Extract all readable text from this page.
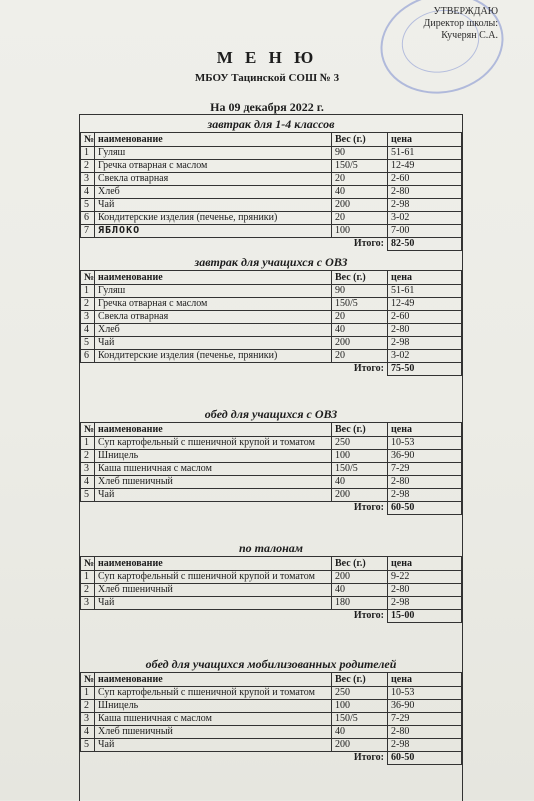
УТВЕРЖДАЮ
Директор школы:
Кучерян С.А.
М Е Н Ю
МБОУ Тацинской СОШ № 3
На 09 декабря 2022 г.
завтрак для 1-4 классов
№	наименование	Вес (г.)	цена
1	Гуляш	90	51-61
2	Гречка отварная с маслом	150/5	12-49
3	Свекла отварная	20	2-60
4	Хлеб	40	2-80
5	Чай	200	2-98
6	Кондитерские изделия (печенье, пряники)	20	3-02
7	ЯБЛОКО	100	7-00
	Итого:		82-50
завтрак для учащихся с ОВЗ
№	наименование	Вес (г.)	цена
1	Гуляш	90	51-61
2	Гречка отварная с маслом	150/5	12-49
3	Свекла отварная	20	2-60
4	Хлеб	40	2-80
5	Чай	200	2-98
6	Кондитерские изделия (печенье, пряники)	20	3-02
	Итого:		75-50
обед для учащихся с ОВЗ
№	наименование	Вес (г.)	цена
1	Суп картофельный с пшеничной крупой и томатом	250	10-53
2	Шницель	100	36-90
3	Каша пшеничная с маслом	150/5	7-29
4	Хлеб пшеничный	40	2-80
5	Чай	200	2-98
	Итого:		60-50
по талонам
№	наименование	Вес (г.)	цена
1	Суп картофельный с пшеничной крупой и томатом	200	9-22
2	Хлеб пшеничный	40	2-80
3	Чай	180	2-98
	Итого:		15-00
обед для учащихся мобилизованных родителей
№	наименование	Вес (г.)	цена
1	Суп картофельный с пшеничной крупой и томатом	250	10-53
2	Шницель	100	36-90
3	Каша пшеничная с маслом	150/5	7-29
4	Хлеб пшеничный	40	2-80
5	Чай	200	2-98
	Итого:		60-50
